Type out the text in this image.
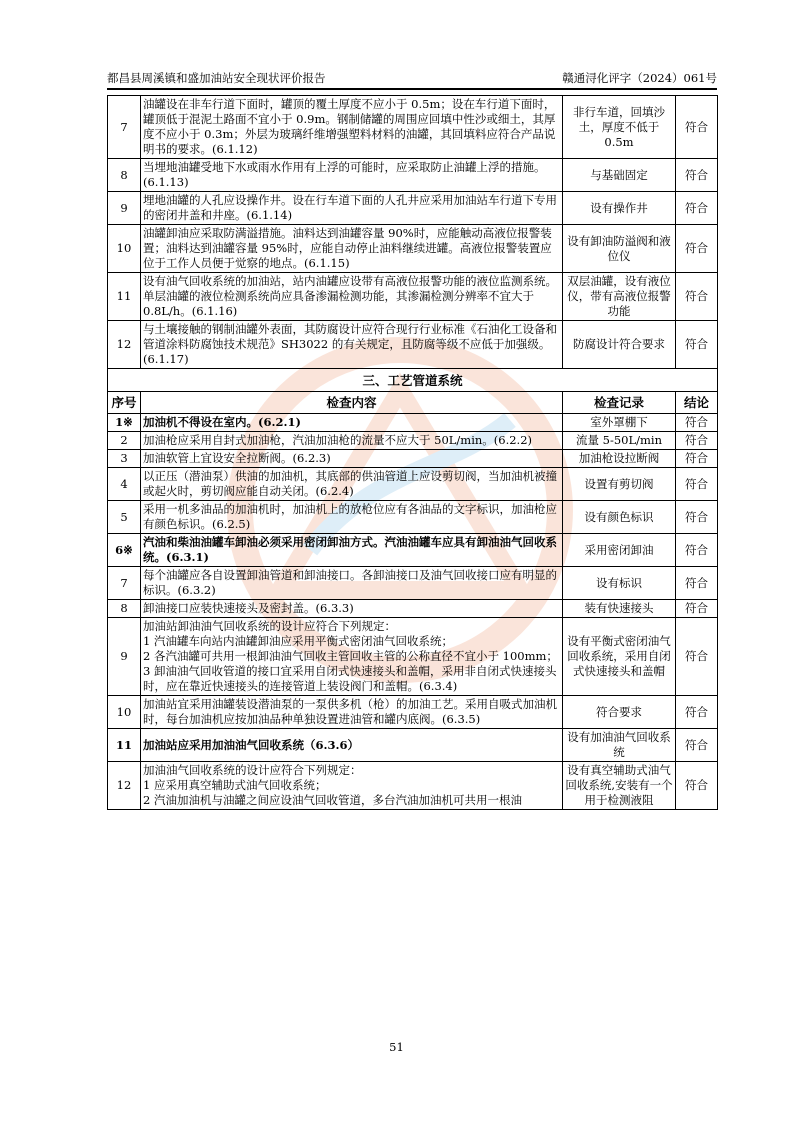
都昌县周溪镇和盛加油站安全现状评价报告	赣通浔化评字（2024）061号
7	油罐设在非车行道下面时，罐顶的覆土厚度不应小于 0.5m；设在车行道下面时，罐顶低于混泥土路面不宜小于 0.9m。钢制储罐的周围应回填中性沙或细土，其厚度不应小于 0.3m；外层为玻璃纤维增强塑料材料的油罐，其回填料应符合产品说明书的要求。(6.1.12)	非行车道，回填沙土，厚度不低于0.5m	符合
8	当埋地油罐受地下水或雨水作用有上浮的可能时，应采取防止油罐上浮的措施。(6.1.13)	与基础固定	符合
9	埋地油罐的人孔应设操作井。设在行车道下面的人孔井应采用加油站车行道下专用的密闭井盖和井座。(6.1.14)	设有操作井	符合
10	油罐卸油应采取防满溢措施。油料达到油罐容量 90%时，应能触动高液位报警装置；油料达到油罐容量 95%时，应能自动停止油料继续进罐。高液位报警装置应位于工作人员便于觉察的地点。(6.1.15)	设有卸油防溢阀和液位仪	符合
11	设有油气回收系统的加油站，站内油罐应设带有高液位报警功能的液位监测系统。单层油罐的液位检测系统尚应具备渗漏检测功能，其渗漏检测分辨率不宜大于 0.8L/h。(6.1.16)	双层油罐，设有液位仪，带有高液位报警功能	符合
12	与土壤接触的钢制油罐外表面，其防腐设计应符合现行行业标准《石油化工设备和管道涂料防腐蚀技术规范》SH3022 的有关规定，且防腐等级不应低于加强级。(6.1.17)	防腐设计符合要求	符合
三、工艺管道系统			
序号	检查内容	检查记录	结论
1※	加油机不得设在室内。(6.2.1)	室外罩棚下	符合
2	加油枪应采用自封式加油枪，汽油加油枪的流量不应大于 50L/min。(6.2.2)	流量 5-50L/min	符合
3	加油软管上宜设安全拉断阀。(6.2.3)	加油枪设拉断阀	符合
4	以正压（潜油泵）供油的加油机，其底部的供油管道上应设剪切阀，当加油机被撞或起火时，剪切阀应能自动关闭。(6.2.4)	设置有剪切阀	符合
5	采用一机多油品的加油机时，加油机上的放枪位应有各油品的文字标识，加油枪应有颜色标识。(6.2.5)	设有颜色标识	符合
6※	汽油和柴油油罐车卸油必须采用密闭卸油方式。汽油油罐车应具有卸油油气回收系统。(6.3.1)	采用密闭卸油	符合
7	每个油罐应各自设置卸油管道和卸油接口。各卸油接口及油气回收接口应有明显的标识。(6.3.2)	设有标识	符合
8	卸油接口应装快速接头及密封盖。(6.3.3)	装有快速接头	符合
9	加油站卸油油气回收系统的设计应符合下列规定：
1 汽油罐车向站内油罐卸油应采用平衡式密闭油气回收系统；
2 各汽油罐可共用一根卸油油气回收主管回收主管的公称直径不宜小于 100mm；
3 卸油油气回收管道的接口宜采用自闭式快速接头和盖帽，采用非自闭式快速接头时，应在靠近快速接头的连接管道上装设阀门和盖帽。(6.3.4)	设有平衡式密闭油气回收系统，采用自闭式快速接头和盖帽	符合
10	加油站宜采用油罐装设潜油泵的一泵供多机（枪）的加油工艺。采用自吸式加油机时，每台加油机应按加油品种单独设置进油管和罐内底阀。(6.3.5)	符合要求	符合
11	加油站应采用加油油气回收系统（6.3.6）	设有加油油气回收系统	符合
12	加油油气回收系统的设计应符合下列规定：
1 应采用真空辅助式油气回收系统；
2 汽油加油机与油罐之间应设油气回收管道，多台汽油加油机可共用一根油	设有真空辅助式油气回收系统,安装有一个用于检测液阻	符合
51
